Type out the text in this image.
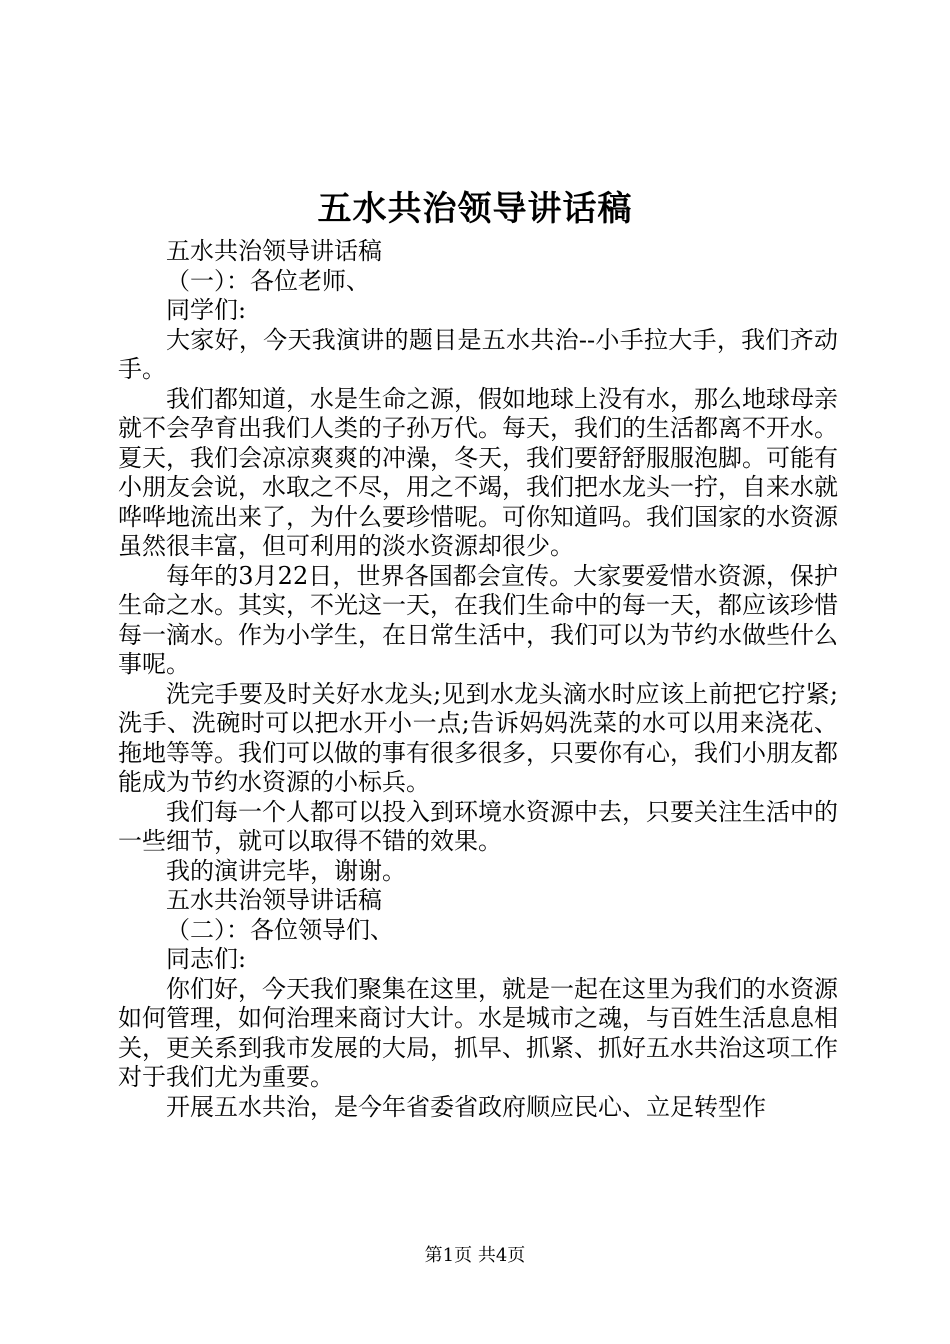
五水共治领导讲话稿

五水共治领导讲话稿

（一）：各位老师、

同学们:

大家好，今天我演讲的题目是五水共治--小手拉大手，我们齐动手。

我们都知道，水是生命之源，假如地球上没有水，那么地球母亲就不会孕育出我们人类的子孙万代。每天，我们的生活都离不开水。夏天，我们会凉凉爽爽的冲澡，冬天，我们要舒舒服服泡脚。可能有小朋友会说，水取之不尽，用之不竭，我们把水龙头一拧，自来水就哗哗地流出来了，为什么要珍惜呢。可你知道吗。我们国家的水资源虽然很丰富，但可利用的淡水资源却很少。

每年的3月22日，世界各国都会宣传。大家要爱惜水资源，保护生命之水。其实，不光这一天，在我们生命中的每一天，都应该珍惜每一滴水。作为小学生，在日常生活中，我们可以为节约水做些什么事呢。

洗完手要及时关好水龙头;见到水龙头滴水时应该上前把它拧紧;洗手、洗碗时可以把水开小一点;告诉妈妈洗菜的水可以用来浇花、拖地等等。我们可以做的事有很多很多，只要你有心，我们小朋友都能成为节约水资源的小标兵。

我们每一个人都可以投入到环境水资源中去，只要关注生活中的一些细节，就可以取得不错的效果。

我的演讲完毕，谢谢。

五水共治领导讲话稿

（二）：各位领导们、

同志们:

你们好，今天我们聚集在这里，就是一起在这里为我们的水资源如何管理，如何治理来商讨大计。水是城市之魂，与百姓生活息息相关，更关系到我市发展的大局，抓早、抓紧、抓好五水共治这项工作对于我们尤为重要。

开展五水共治，是今年省委省政府顺应民心、立足转型作

第1页 共4页
